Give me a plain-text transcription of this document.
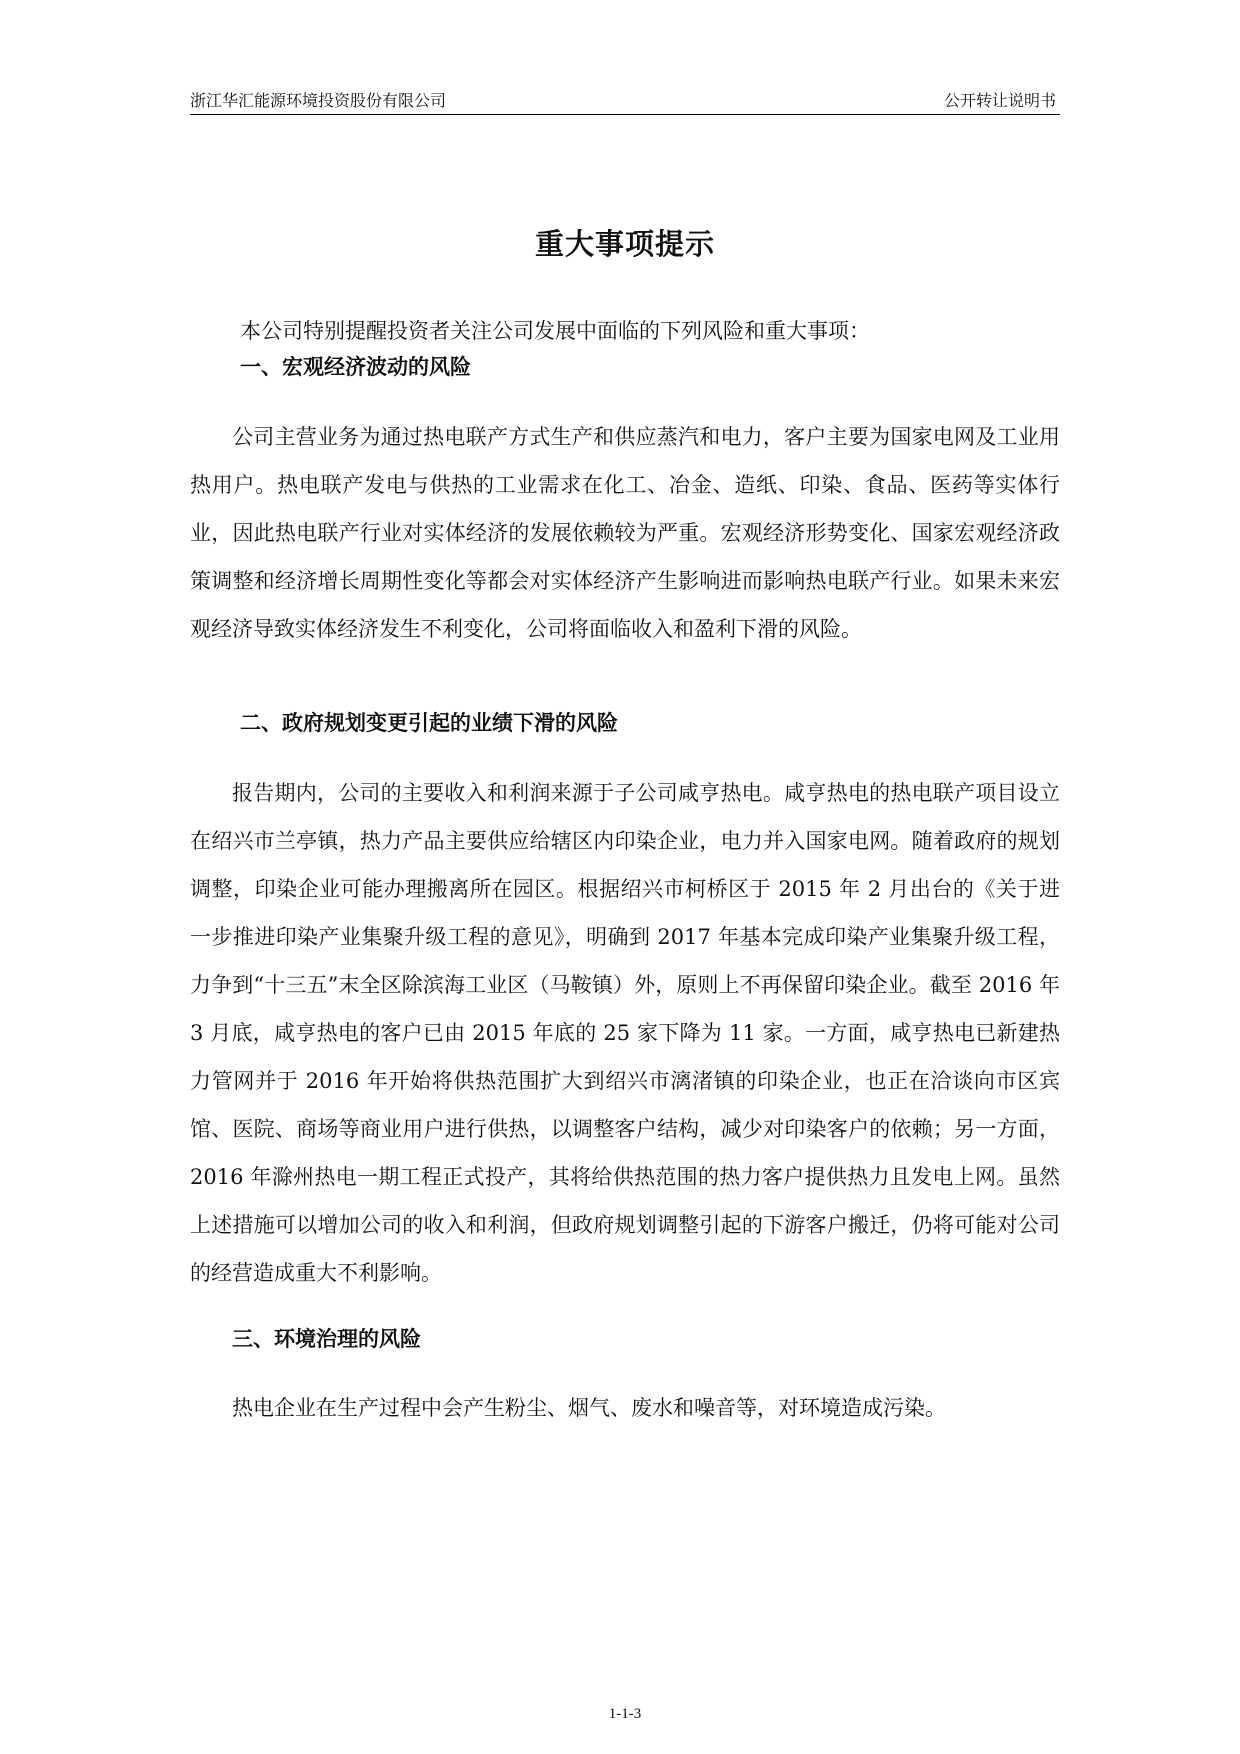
浙江华汇能源环境投资股份有限公司	公开转让说明书
重大事项提示
本公司特别提醒投资者关注公司发展中面临的下列风险和重大事项：
一、宏观经济波动的风险
公司主营业务为通过热电联产方式生产和供应蒸汽和电力，客户主要为国家电网及工业用热用户。热电联产发电与供热的工业需求在化工、冶金、造纸、印染、食品、医药等实体行业，因此热电联产行业对实体经济的发展依赖较为严重。宏观经济形势变化、国家宏观经济政策调整和经济增长周期性变化等都会对实体经济产生影响进而影响热电联产行业。如果未来宏观经济导致实体经济发生不利变化，公司将面临收入和盈利下滑的风险。
二、政府规划变更引起的业绩下滑的风险
报告期内，公司的主要收入和利润来源于子公司咸亨热电。咸亨热电的热电联产项目设立在绍兴市兰亭镇，热力产品主要供应给辖区内印染企业，电力并入国家电网。随着政府的规划调整，印染企业可能办理搬离所在园区。根据绍兴市柯桥区于 2015 年 2 月出台的《关于进一步推进印染产业集聚升级工程的意见》，明确到 2017 年基本完成印染产业集聚升级工程，力争到“十三五”末全区除滨海工业区（马鞍镇）外，原则上不再保留印染企业。截至 2016 年 3 月底，咸亨热电的客户已由 2015 年底的 25 家下降为 11 家。一方面，咸亨热电已新建热力管网并于 2016 年开始将供热范围扩大到绍兴市漓渚镇的印染企业，也正在洽谈向市区宾馆、医院、商场等商业用户进行供热，以调整客户结构，减少对印染客户的依赖；另一方面，2016 年滁州热电一期工程正式投产，其将给供热范围的热力客户提供热力且发电上网。虽然上述措施可以增加公司的收入和利润，但政府规划调整引起的下游客户搬迁，仍将可能对公司的经营造成重大不利影响。
三、环境治理的风险
热电企业在生产过程中会产生粉尘、烟气、废水和噪音等，对环境造成污染。
1-1-3
